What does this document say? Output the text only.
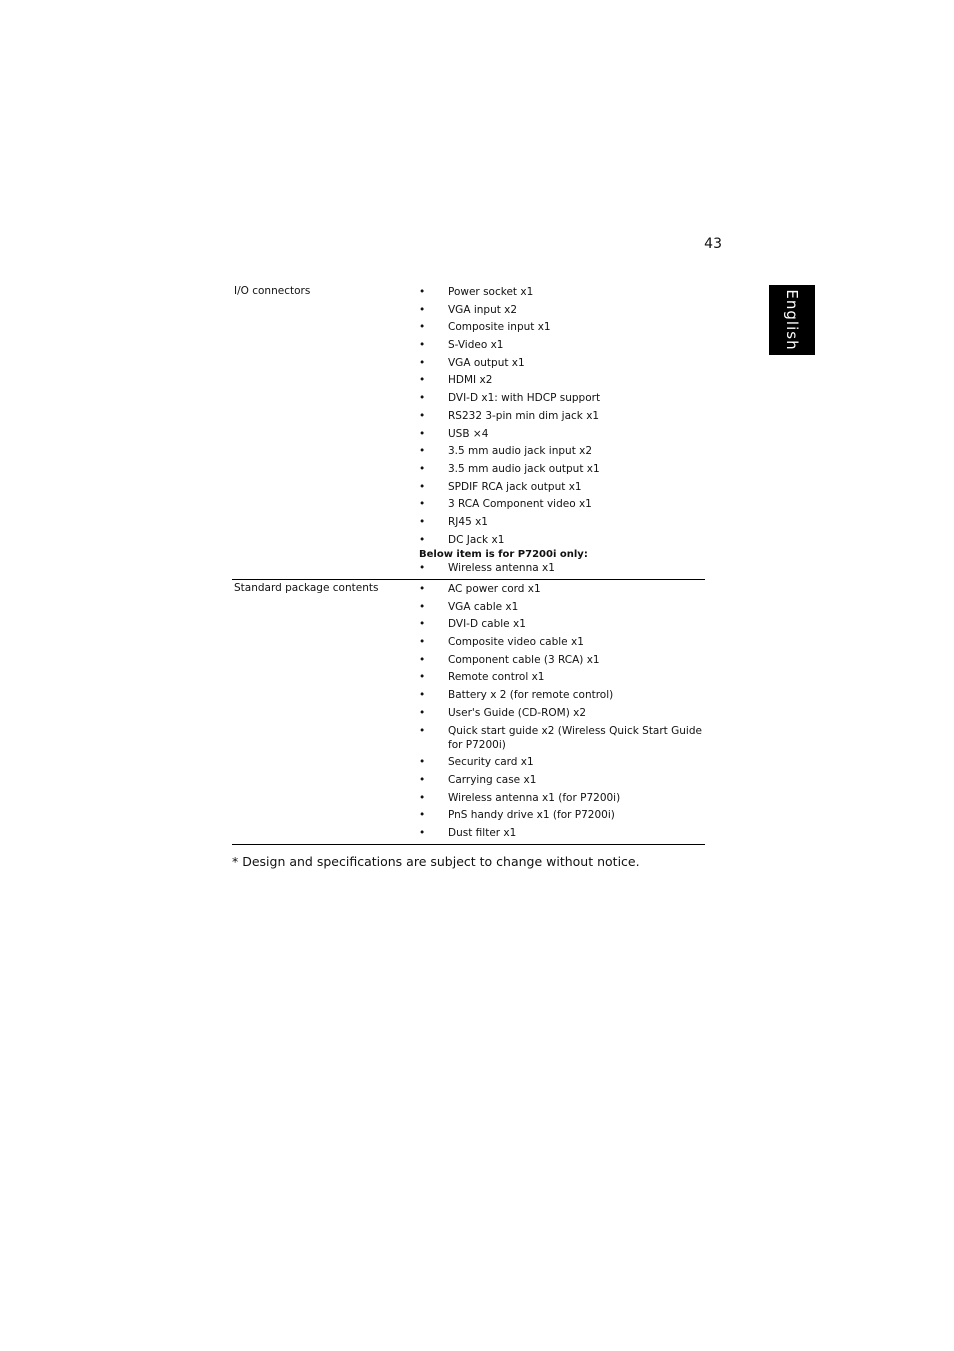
43
English
I/O connectors	• Power socket x1
• VGA input x2
• Composite input x1
• S-Video x1
• VGA output x1
• HDMI x2
• DVI-D x1: with HDCP support
• RS232 3-pin min dim jack x1
• USB ×4
• 3.5 mm audio jack input x2
• 3.5 mm audio jack output x1
• SPDIF RCA jack output x1
• 3 RCA Component video x1
• RJ45 x1
• DC Jack x1
Below item is for P7200i only:
• Wireless antenna x1
Standard package contents	• AC power cord x1
• VGA cable x1
• DVI-D cable x1
• Composite video cable x1
• Component cable (3 RCA) x1
• Remote control x1
• Battery x 2 (for remote control)
• User's Guide (CD-ROM) x2
• Quick start guide x2 (Wireless Quick Start Guide for P7200i)
• Security card x1
• Carrying case x1
• Wireless antenna x1 (for P7200i)
• PnS handy drive x1 (for P7200i)
• Dust filter x1
* Design and specifications are subject to change without notice.
